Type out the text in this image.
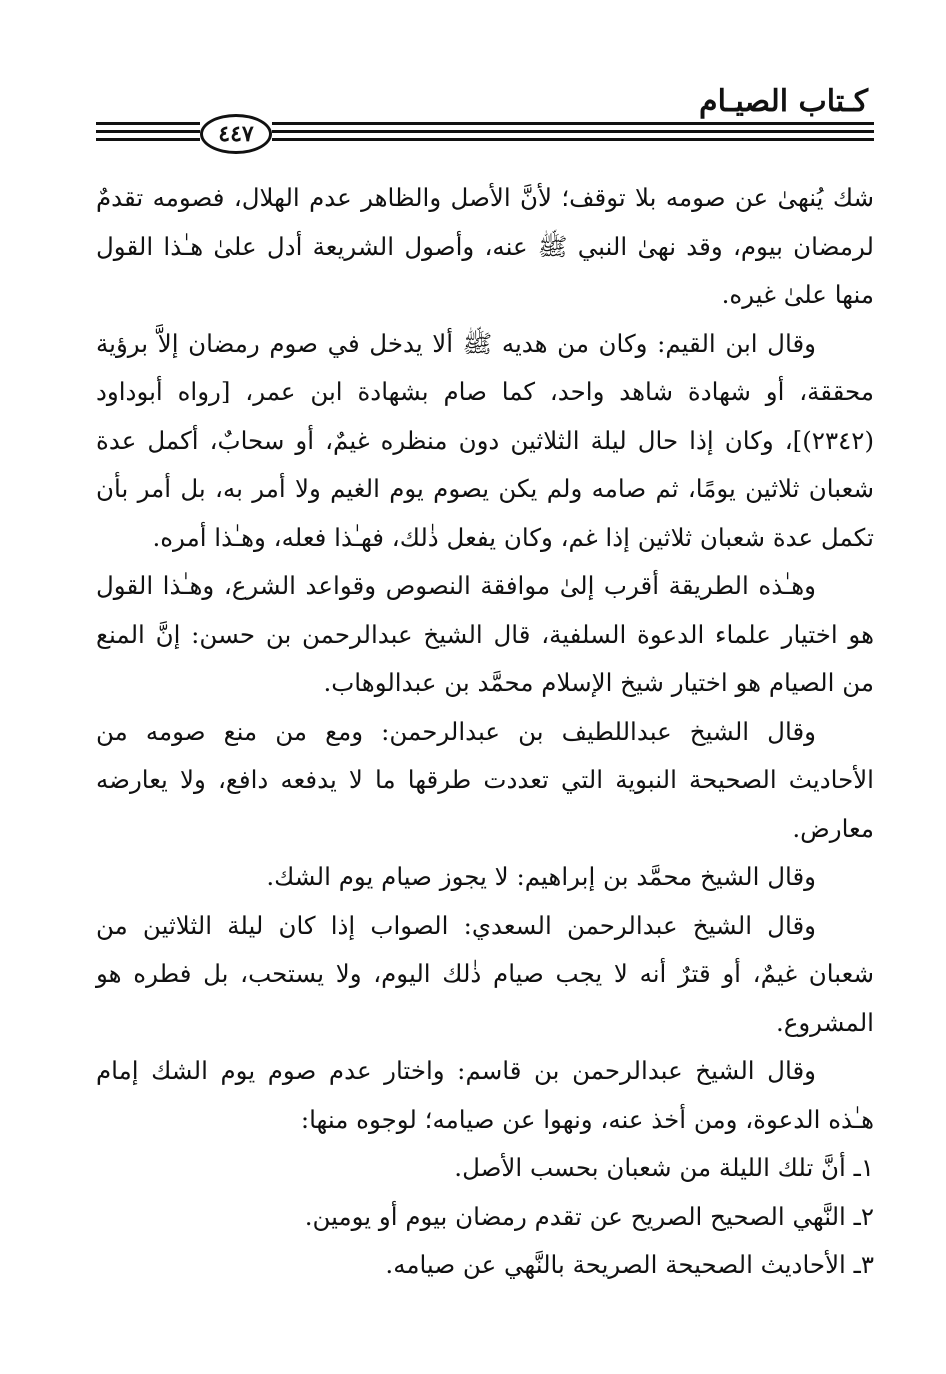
كـتاب الصيـام
٤٤٧

شك يُنهىٰ عن صومه بلا توقف؛ لأنَّ الأصل والظاهر عدم الهلال، فصومه تقدمٌ لرمضان بيوم، وقد نهىٰ النبي ﷺ عنه، وأصول الشريعة أدل علىٰ هـٰذا القول منها علىٰ غيره.

وقال ابن القيم: وكان من هديه ﷺ ألا يدخل في صوم رمضان إلاَّ برؤية محققة، أو شهادة شاهد واحد، كما صام بشهادة ابن عمر، [رواه أبوداود (٢٣٤٢)]، وكان إذا حال ليلة الثلاثين دون منظره غيمٌ، أو سحابٌ، أكمل عدة شعبان ثلاثين يومًا، ثم صامه ولم يكن يصوم يوم الغيم ولا أمر به، بل أمر بأن تكمل عدة شعبان ثلاثين إذا غم، وكان يفعل ذٰلك، فهـٰذا فعله، وهـٰذا أمره.

وهـٰذه الطريقة أقرب إلىٰ موافقة النصوص وقواعد الشرع، وهـٰذا القول هو اختيار علماء الدعوة السلفية، قال الشيخ عبدالرحمن بن حسن: إنَّ المنع من الصيام هو اختيار شيخ الإسلام محمَّد بن عبدالوهاب.

وقال الشيخ عبداللطيف بن عبدالرحمن: ومع من منع صومه من الأحاديث الصحيحة النبوية التي تعددت طرقها ما لا يدفعه دافع، ولا يعارضه معارض.

وقال الشيخ محمَّد بن إبراهيم: لا يجوز صيام يوم الشك.

وقال الشيخ عبدالرحمن السعدي: الصواب إذا كان ليلة الثلاثين من شعبان غيمٌ، أو قترٌ أنه لا يجب صيام ذٰلك اليوم، ولا يستحب، بل فطره هو المشروع.

وقال الشيخ عبدالرحمن بن قاسم: واختار عدم صوم يوم الشك إمام هـٰذه الدعوة، ومن أخذ عنه، ونهوا عن صيامه؛ لوجوه منها:

١ـ أنَّ تلك الليلة من شعبان بحسب الأصل.

٢ـ النَّهي الصحيح الصريح عن تقدم رمضان بيوم أو يومين.

٣ـ الأحاديث الصحيحة الصريحة بالنَّهي عن صيامه.
